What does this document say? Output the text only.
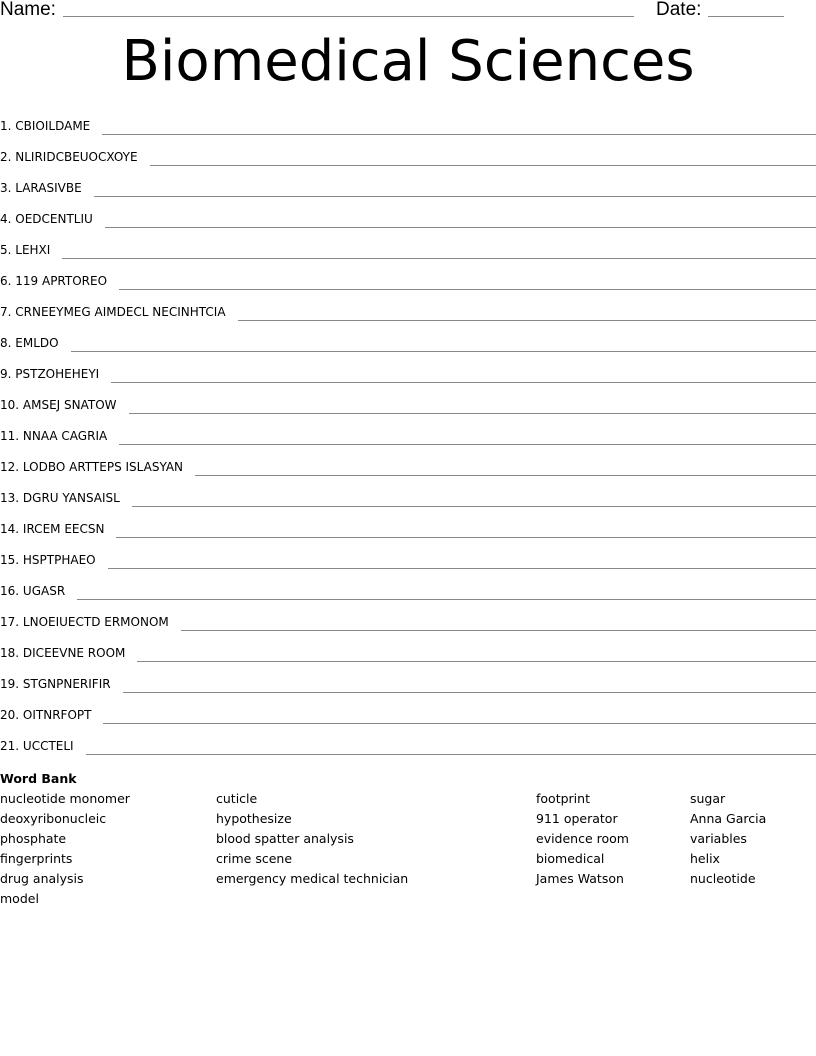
Name:	Date:
Biomedical Sciences
1. CBIOILDAME
2. NLIRIDCBEUOCXOYE
3. LARASIVBE
4. OEDCENTLIU
5. LEHXI
6. 119 APRTOREO
7. CRNEEYMEG AIMDECL NECINHTCIA
8. EMLDO
9. PSTZOHEHEYI
10. AMSEJ SNATOW
11. NNAA CAGRIA
12. LODBO ARTTEPS ISLASYAN
13. DGRU YANSAISL
14. IRCEM EECSN
15. HSPTPHAEO
16. UGASR
17. LNOEIUECTD ERMONOM
18. DICEEVNE ROOM
19. STGNPNERIFIR
20. OITNRFOPT
21. UCCTELI
Word Bank
nucleotide monomer
deoxyribonucleic
phosphate
fingerprints
drug analysis
model
cuticle
hypothesize
blood spatter analysis
crime scene
emergency medical technician
footprint
911 operator
evidence room
biomedical
James Watson
sugar
Anna Garcia
variables
helix
nucleotide
